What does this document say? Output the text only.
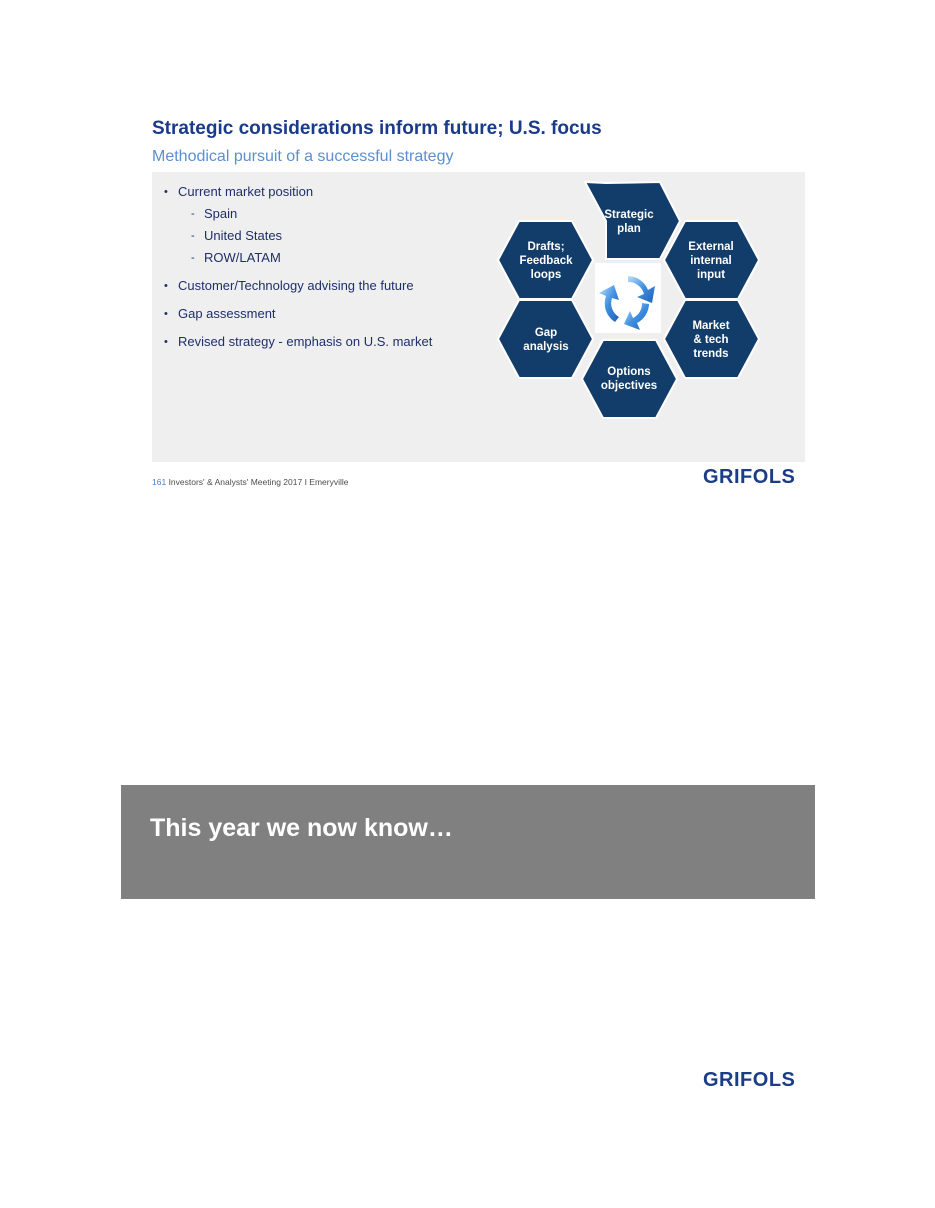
Strategic considerations inform future; U.S. focus
Methodical pursuit of a successful strategy
• Current market position
- Spain
- United States
- ROW/LATAM
• Customer/Technology advising the future
• Gap assessment
• Revised strategy - emphasis on U.S. market
Strategic plan
External internal input
Market & tech trends
Options objectives
Gap analysis
Drafts; Feedback loops
161 Investors' & Analysts' Meeting 2017 I Emeryville	GRIFOLS
This year we now know…
GRIFOLS
